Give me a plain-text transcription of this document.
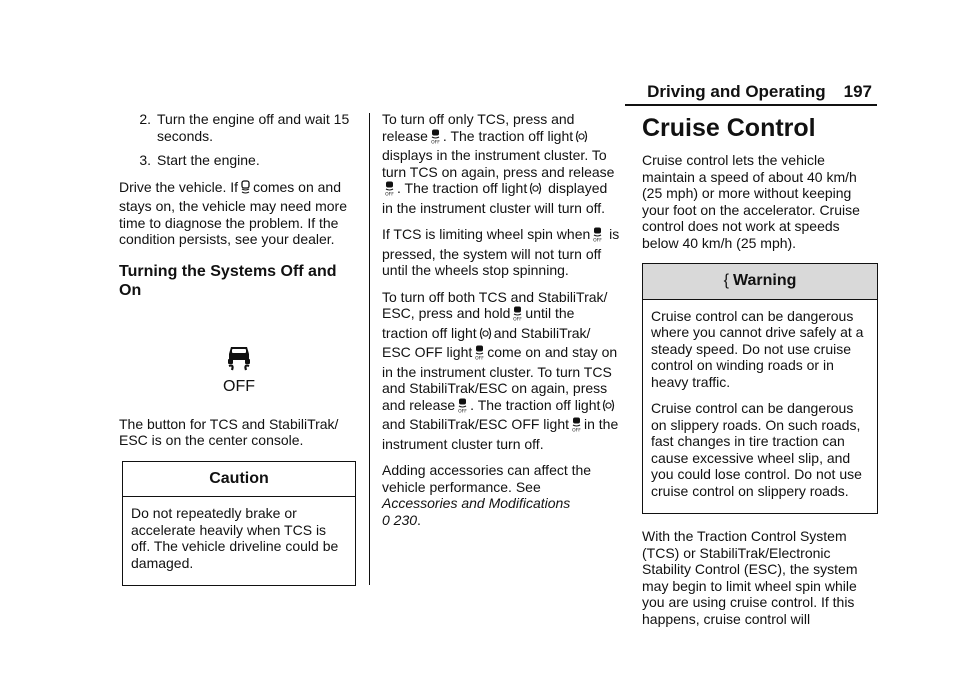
Driving and Operating 197
2. Turn the engine off and wait 15 seconds.
3. Start the engine.

Drive the vehicle. If comes on and stays on, the vehicle may need more time to diagnose the problem. If the condition persists, see your dealer.

Turning the Systems Off and On
OFF

The button for TCS and StabiliTrak/ ESC is on the center console.

Caution

Do not repeatedly brake or accelerate heavily when TCS is off. The vehicle driveline could be damaged.

To turn off only TCS, press and release OFF . The traction off light displays in the instrument cluster. To turn TCS on again, press and release
OFF . The traction off light displayed in the instrument cluster will turn off.

If TCS is limiting wheel spin when OFF is pressed, the system will not turn off until the wheels stop spinning.

To turn off both TCS and StabiliTrak/ ESC, press and hold OFF until the traction off light and StabiliTrak/ ESC OFF light OFF come on and stay on in the instrument cluster. To turn TCS and StabiliTrak/ESC on again, press and release OFF . The traction off lightand StabiliTrak/ESC OFF light OFF in the instrument cluster turn off.

Adding accessories can affect the vehicle performance. See Accessories and Modifications
0 230.

Cruise Control

Cruise control lets the vehicle maintain a speed of about 40 km/h (25 mph) or more without keeping your foot on the accelerator. Cruise control does not work at speeds below 40 km/h (25 mph).

{ Warning

Cruise control can be dangerous where you cannot drive safely at a steady speed. Do not use cruise control on winding roads or in heavy traffic.

Cruise control can be dangerous on slippery roads. On such roads, fast changes in tire traction can cause excessive wheel slip, and you could lose control. Do not use cruise control on slippery roads.

With the Traction Control System (TCS) or StabiliTrak/Electronic Stability Control (ESC), the system may begin to limit wheel spin while you are using cruise control. If this happens, cruise control will
